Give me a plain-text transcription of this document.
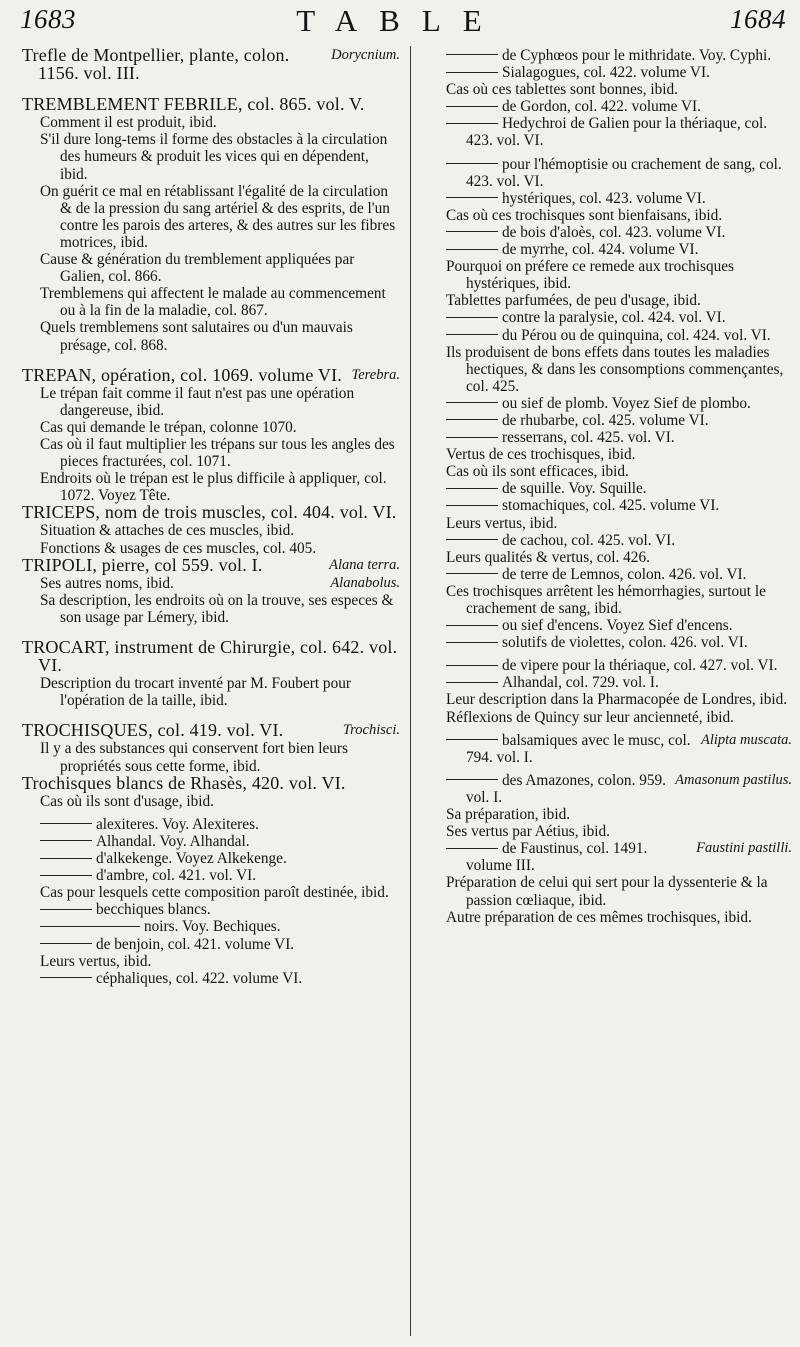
1683	TABLE	1684

Dorycnium.
Trefle de Montpellier, plante, colon. 1156. vol. III.

TREMBLEMENT FEBRILE, col. 865. vol. V.

Comment il est produit, ibid.

S'il dure long-tems il forme des obstacles à la circulation des humeurs & produit les vices qui en dépendent, ibid.

On guérit ce mal en rétablissant l'égalité de la circulation & de la pression du sang artériel & des esprits, de l'un contre les parois des arteres, & des autres sur les fibres motrices, ibid.

Cause & génération du tremblement appliquées par Galien, col. 866.

Tremblemens qui affectent le malade au commencement ou à la fin de la maladie, col. 867.

Quels tremblemens sont salutaires ou d'un mauvais présage, col. 868.

Terebra.
TREPAN, opération, col. 1069. volume VI.

Le trépan fait comme il faut n'est pas une opération dangereuse, ibid.

Cas qui demande le trépan, colonne 1070.

Cas où il faut multiplier les trépans sur tous les angles des pieces fracturées, col. 1071.

Endroits où le trépan est le plus difficile à appliquer, col. 1072. Voyez Tête.

TRICEPS, nom de trois muscles, col. 404. vol. VI.

Situation & attaches de ces muscles, ibid.

Fonctions & usages de ces muscles, col. 405.

Alana terra.
TRIPOLI, pierre, col 559. vol. I.

Alanabolus.
Ses autres noms, ibid.

Sa description, les endroits où on la trouve, ses especes & son usage par Lémery, ibid.

TROCART, instrument de Chirurgie, col. 642. vol. VI.

Description du trocart inventé par M. Foubert pour l'opération de la taille, ibid.

Trochisci.
TROCHISQUES, col. 419. vol. VI.

Il y a des substances qui conservent fort bien leurs propriétés sous cette forme, ibid.

Trochisques blancs de Rhasès, 420. vol. VI.

Cas où ils sont d'usage, ibid.

alexiteres. Voy. Alexiteres.

Alhandal. Voy. Alhandal.

d'alkekenge. Voyez Alkekenge.

d'ambre, col. 421. vol. VI.

Cas pour lesquels cette composition paroît destinée, ibid.

becchiques blancs.

noirs. Voy. Bechiques.

de benjoin, col. 421. volume VI.

Leurs vertus, ibid.

céphaliques, col. 422. volume VI.

de Cyphœos pour le mithridate. Voy. Cyphi.

Sialagogues, col. 422. volume VI.

Cas où ces tablettes sont bonnes, ibid.

de Gordon, col. 422. volume VI.

Hedychroi de Galien pour la thériaque, col. 423. vol. VI.

pour l'hémoptisie ou crachement de sang, col. 423. vol. VI.

hystériques, col. 423. volume VI.

Cas où ces trochisques sont bienfaisans, ibid.

de bois d'aloès, col. 423. volume VI.

de myrrhe, col. 424. volume VI.

Pourquoi on préfere ce remede aux trochisques hystériques, ibid.

Tablettes parfumées, de peu d'usage, ibid.

contre la paralysie, col. 424. vol. VI.

du Pérou ou de quinquina, col. 424. vol. VI.

Ils produisent de bons effets dans toutes les maladies hectiques, & dans les consomptions commençantes, col. 425.

ou sief de plomb. Voyez Sief de plombo.

de rhubarbe, col. 425. volume VI.

resserrans, col. 425. vol. VI.

Vertus de ces trochisques, ibid.

Cas où ils sont efficaces, ibid.

de squille. Voy. Squille.

stomachiques, col. 425. volume VI.

Leurs vertus, ibid.

de cachou, col. 425. vol. VI.

Leurs qualités & vertus, col. 426.

de terre de Lemnos, colon. 426. vol. VI.

Ces trochisques arrêtent les hémorrhagies, surtout le crachement de sang, ibid.

ou sief d'encens. Voyez Sief d'encens.

solutifs de violettes, colon. 426. vol. VI.

de vipere pour la thériaque, col. 427. vol. VI.

Alhandal, col. 729. vol. I.

Leur description dans la Pharmacopée de Londres, ibid.

Réflexions de Quincy sur leur ancienneté, ibid.

Alipta muscata.
balsamiques avec le musc, col. 794. vol. I.

Amasonum pastilus.
des Amazones, colon. 959. vol. I.

Sa préparation, ibid.

Ses vertus par Aétius, ibid.

Faustini pastilli.
de Faustinus, col. 1491. volume III.

Préparation de celui qui sert pour la dyssenterie & la passion cœliaque, ibid.

Autre préparation de ces mêmes trochisques, ibid.
